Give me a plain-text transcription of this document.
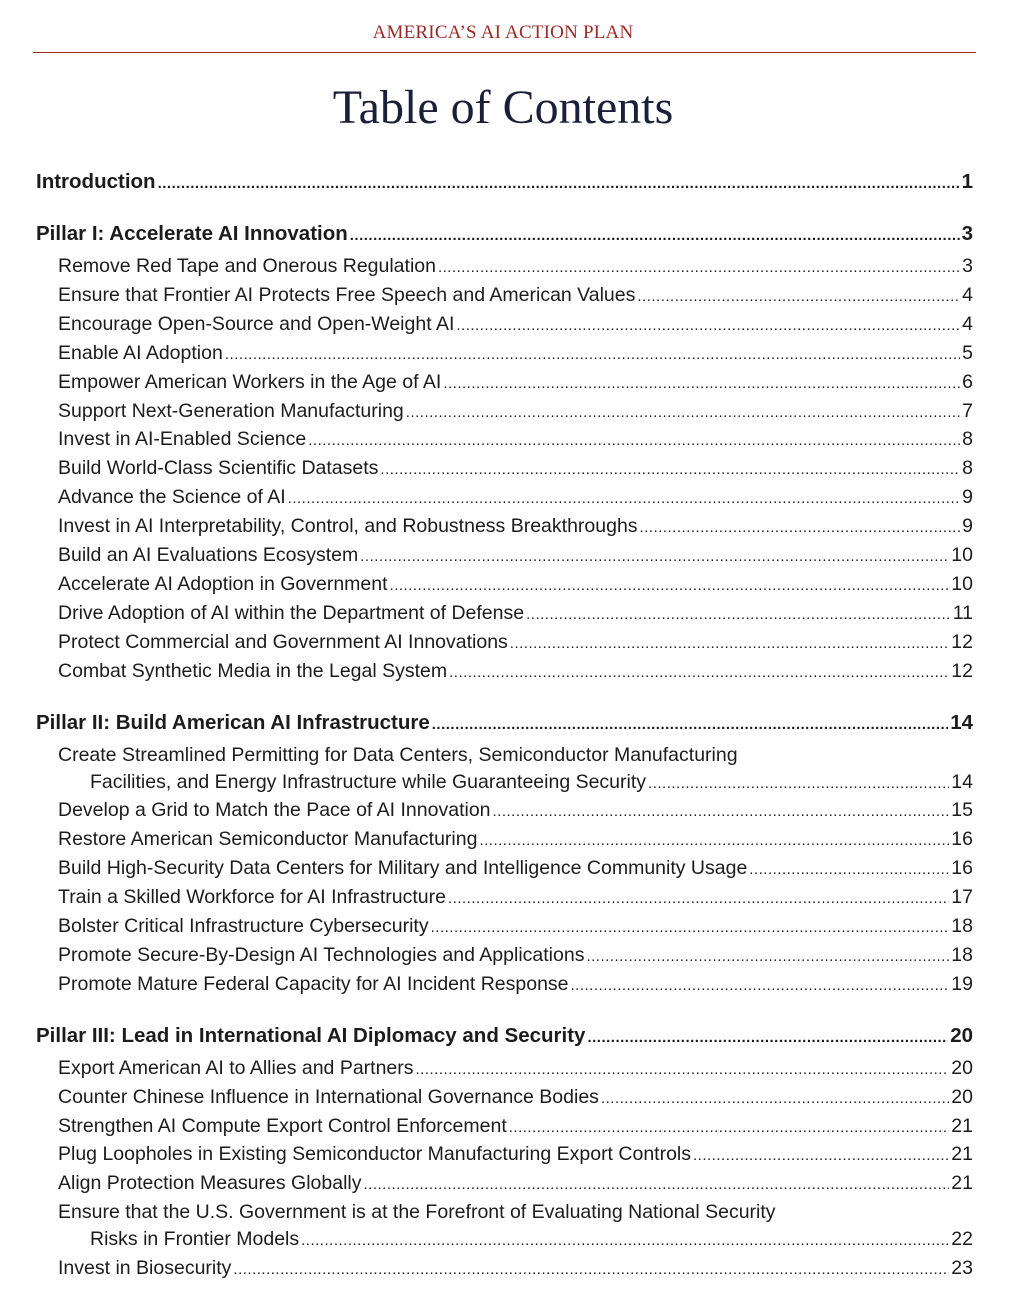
AMERICA’S AI ACTION PLAN
Table of Contents
Introduction .....	1
Pillar I: Accelerate AI Innovation .....	3
Remove Red Tape and Onerous Regulation .....	3
Ensure that Frontier AI Protects Free Speech and American Values .....	4
Encourage Open-Source and Open-Weight AI .....	4
Enable AI Adoption .....	5
Empower American Workers in the Age of AI .....	6
Support Next-Generation Manufacturing .....	7
Invest in AI-Enabled Science .....	8
Build World-Class Scientific Datasets .....	8
Advance the Science of AI .....	9
Invest in AI Interpretability, Control, and Robustness Breakthroughs .....	9
Build an AI Evaluations Ecosystem .....	10
Accelerate AI Adoption in Government .....	10
Drive Adoption of AI within the Department of Defense .....	11
Protect Commercial and Government AI Innovations .....	12
Combat Synthetic Media in the Legal System .....	12
Pillar II: Build American AI Infrastructure .....	14
Create Streamlined Permitting for Data Centers, Semiconductor Manufacturing
Facilities, and Energy Infrastructure while Guaranteeing Security .....	14
Develop a Grid to Match the Pace of AI Innovation .....	15
Restore American Semiconductor Manufacturing .....	16
Build High-Security Data Centers for Military and Intelligence Community Usage .....	16
Train a Skilled Workforce for AI Infrastructure .....	17
Bolster Critical Infrastructure Cybersecurity .....	18
Promote Secure-By-Design AI Technologies and Applications .....	18
Promote Mature Federal Capacity for AI Incident Response .....	19
Pillar III: Lead in International AI Diplomacy and Security .....	20
Export American AI to Allies and Partners .....	20
Counter Chinese Influence in International Governance Bodies .....	20
Strengthen AI Compute Export Control Enforcement .....	21
Plug Loopholes in Existing Semiconductor Manufacturing Export Controls .....	21
Align Protection Measures Globally .....	21
Ensure that the U.S. Government is at the Forefront of Evaluating National Security
Risks in Frontier Models .....	22
Invest in Biosecurity .....	23
